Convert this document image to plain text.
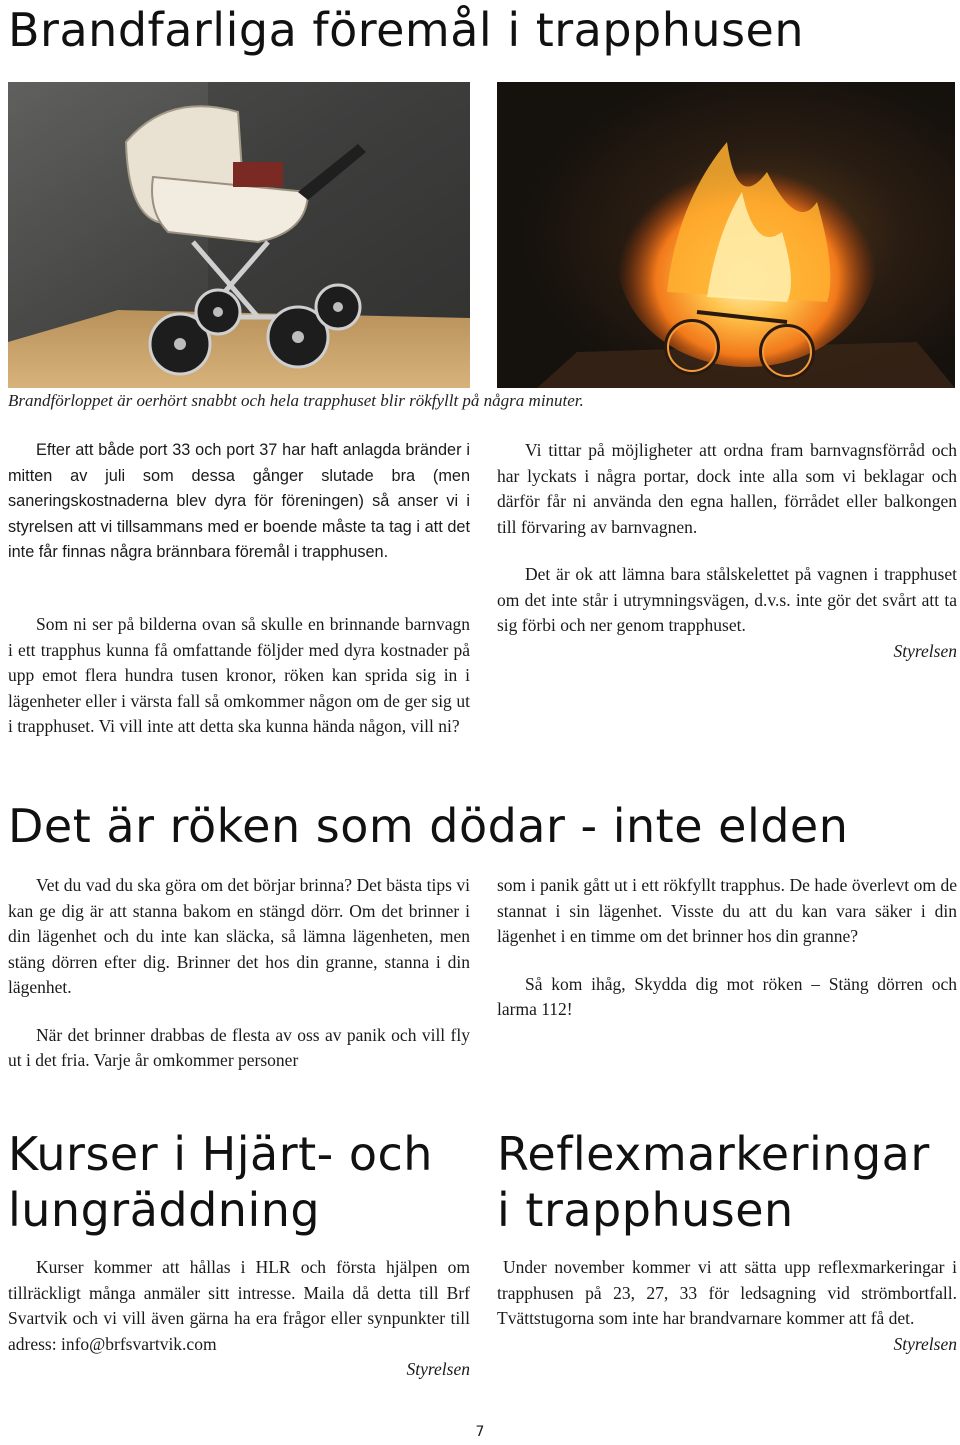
Brandfarliga föremål i trapphusen
Brandförloppet är oerhört snabbt och hela trapphuset blir rökfyllt på några minuter.

Efter att både port 33 och port 37 har haft anlagda bränder i mitten av juli som dessa gånger slutade bra (men saneringskostnaderna blev dyra för föreningen) så anser vi i styrelsen att vi tillsammans med er boende måste ta tag i att det inte får finnas några brännbara föremål i trapphusen.

Som ni ser på bilderna ovan så skulle en brinnande barnvagn i ett trapphus kunna få omfattande följder med dyra kostnader på upp emot flera hundra tusen kronor, röken kan sprida sig in i lägenheter eller i värsta fall så omkommer någon om de ger sig ut i trapphuset. Vi vill inte att detta ska kunna hända någon, vill ni?

Vi tittar på möjligheter att ordna fram barnvagnsförråd och har lyckats i några portar, dock inte alla som vi beklagar och därför får ni använda den egna hallen, förrådet eller balkongen till förvaring av barnvagnen.

Det är ok att lämna bara stålskelettet på vagnen i trapphuset om det inte står i utrymningsvägen, d.v.s. inte gör det svårt att ta sig förbi och ner genom trapphuset.

Styrelsen

Det är röken som dödar - inte elden

Vet du vad du ska göra om det börjar brinna? Det bästa tips vi kan ge dig är att stanna bakom en stängd dörr. Om det brinner i din lägenhet och du inte kan släcka, så lämna lägenheten, men stäng dörren efter dig. Brinner det hos din granne, stanna i din lägenhet.

När det brinner drabbas de flesta av oss av panik och vill fly ut i det fria. Varje år omkommer personer

som i panik gått ut i ett rökfyllt trapphus. De hade överlevt om de stannat i sin lägenhet. Visste du att du kan vara säker i din lägenhet i en timme om det brinner hos din granne?

Så kom ihåg, Skydda dig mot röken – Stäng dörren och larma 112!

Kurser i Hjärt- och lungräddning
Reflexmarkeringar i trapphusen

Kurser kommer att hållas i HLR och första hjälpen om tillräckligt många anmäler sitt intresse. Maila då detta till Brf Svartvik och vi vill även gärna ha era frågor eller synpunkter till adress: info@brfsvartvik.com

Styrelsen

Under november kommer vi att sätta upp reflexmarkeringar i trapphusen på 23, 27, 33 för ledsagning vid strömbortfall. Tvättstugorna som inte har brandvarnare kommer att få det.

Styrelsen

7
